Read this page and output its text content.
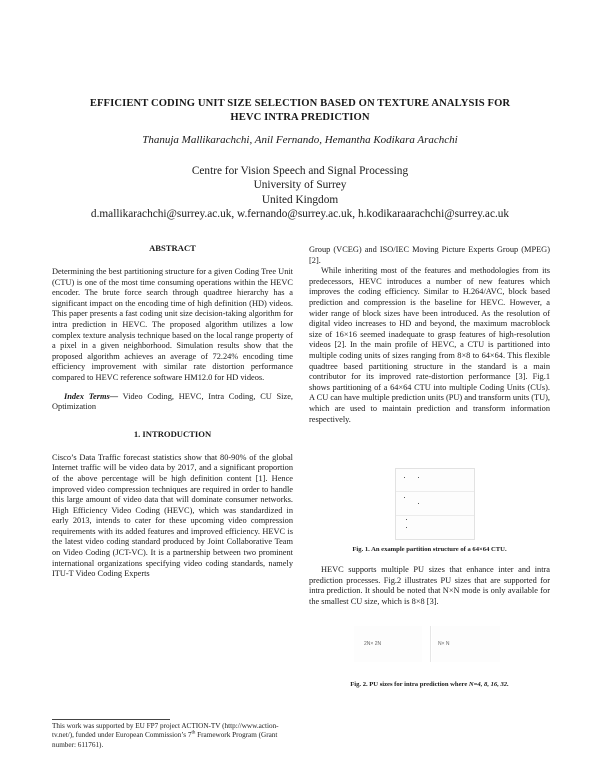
EFFICIENT CODING UNIT SIZE SELECTION BASED ON TEXTURE ANALYSIS FOR
HEVC INTRA PREDICTION
Thanuja Mallikarachchi, Anil Fernando, Hemantha Kodikara Arachchi
Centre for Vision Speech and Signal Processing
University of Surrey
United Kingdom
d.mallikarachchi@surrey.ac.uk, w.fernando@surrey.ac.uk, h.kodikaraarachchi@surrey.ac.uk
ABSTRACT

Determining the best partitioning structure for a given Coding Tree Unit (CTU) is one of the most time consuming operations within the HEVC encoder. The brute force search through quadtree hierarchy has a significant impact on the encoding time of high definition (HD) videos. This paper presents a fast coding unit size decision-taking algorithm for intra prediction in HEVC. The proposed algorithm utilizes a low complex texture analysis technique based on the local range property of a pixel in a given neighborhood. Simulation results show that the proposed algorithm achieves an average of 72.24% encoding time efficiency improvement with similar rate distortion performance compared to HEVC reference software HM12.0 for HD videos.

Index Terms— Video Coding, HEVC, Intra Coding, CU Size, Optimization

1. INTRODUCTION

Cisco’s Data Traffic forecast statistics show that 80-90% of the global Internet traffic will be video data by 2017, and a significant proportion of the above percentage will be high definition content [1]. Hence improved video compression techniques are required in order to handle this large amount of video data that will dominate consumer networks. High Efficiency Video Coding (HEVC), which was standardized in early 2013, intends to cater for these upcoming video compression requirements with its added features and improved efficiency. HEVC is the latest video coding standard produced by Joint Collaborative Team on Video Coding (JCT-VC). It is a partnership between two prominent international organizations specifying video coding standards, namely ITU-T Video Coding Experts

This work was supported by EU FP7 project ACTION-TV (http://www.action-tv.net/), funded under European Commission’s 7th Framework Program (Grant number: 611761).

Group (VCEG) and ISO/IEC Moving Picture Experts Group (MPEG) [2].

While inheriting most of the features and methodologies from its predecessors, HEVC introduces a number of new features which improves the coding efficiency. Similar to H.264/AVC, block based prediction and compression is the baseline for HEVC. However, a wider range of block sizes have been introduced. As the resolution of digital video increases to HD and beyond, the maximum macroblock size of 16×16 seemed inadequate to grasp features of high-resolution videos [2]. In the main profile of HEVC, a CTU is partitioned into multiple coding units of sizes ranging from 8×8 to 64×64. This flexible quadtree based partitioning structure in the standard is a main contributor for its improved rate-distortion performance [3]. Fig.1 shows partitioning of a 64×64 CTU into multiple Coding Units (CUs). A CU can have multiple prediction units (PU) and transform units (TU), which are used to maintain prediction and transform information respectively.

Fig. 1. An example partition structure of a 64×64 CTU.

HEVC supports multiple PU sizes that enhance inter and intra prediction processes. Fig.2 illustrates PU sizes that are supported for intra prediction. It should be noted that N×N mode is only available for the smallest CU size, which is 8×8 [3].

2N× 2N	N× N
Fig. 2. PU sizes for intra prediction where N=4, 8, 16, 32.
